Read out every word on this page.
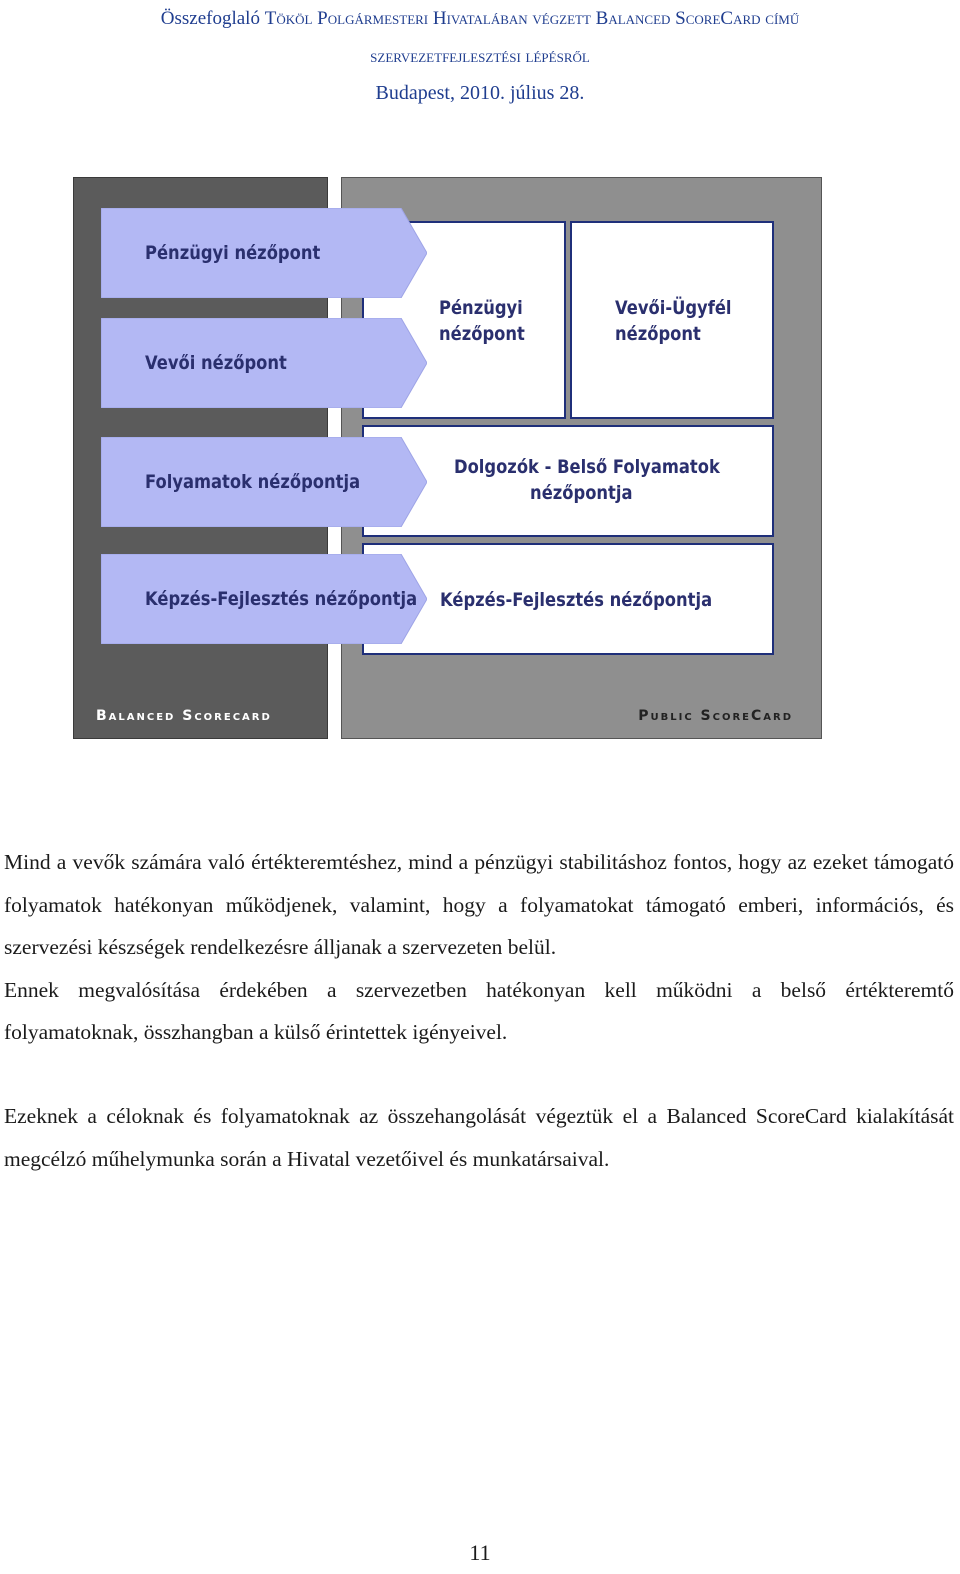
Összefoglaló Tököl Polgármesteri Hivatalában végzett Balanced ScoreCard című
szervezetfejlesztési lépésről
Budapest, 2010. július 28.
Balanced Scorecard	Public ScoreCard
Pénzügyi nézőpont
Vevői nézőpont
Folyamatok nézőpontja
Képzés-Fejlesztés nézőpontja
Pénzügyi
nézőpont
Vevői-Ügyfél
nézőpont
Dolgozók - Belső Folyamatok
nézőpontja
Képzés-Fejlesztés nézőpontja

Mind a vevők számára való értékteremtéshez, mind a pénzügyi stabilitáshoz fontos, hogy az ezeket támogató folyamatok hatékonyan működjenek, valamint, hogy a folyamatokat támogató emberi, információs, és szervezési készségek rendelkezésre álljanak a szervezeten belül.

Ennek megvalósítása érdekében a szervezetben hatékonyan kell működni a belső értékteremtő folyamatoknak, összhangban a külső érintettek igényeivel.

Ezeknek a céloknak és folyamatoknak az összehangolását végeztük el a Balanced ScoreCard kialakítását megcélzó műhelymunka során a Hivatal vezetőivel és munkatársaival.

11
